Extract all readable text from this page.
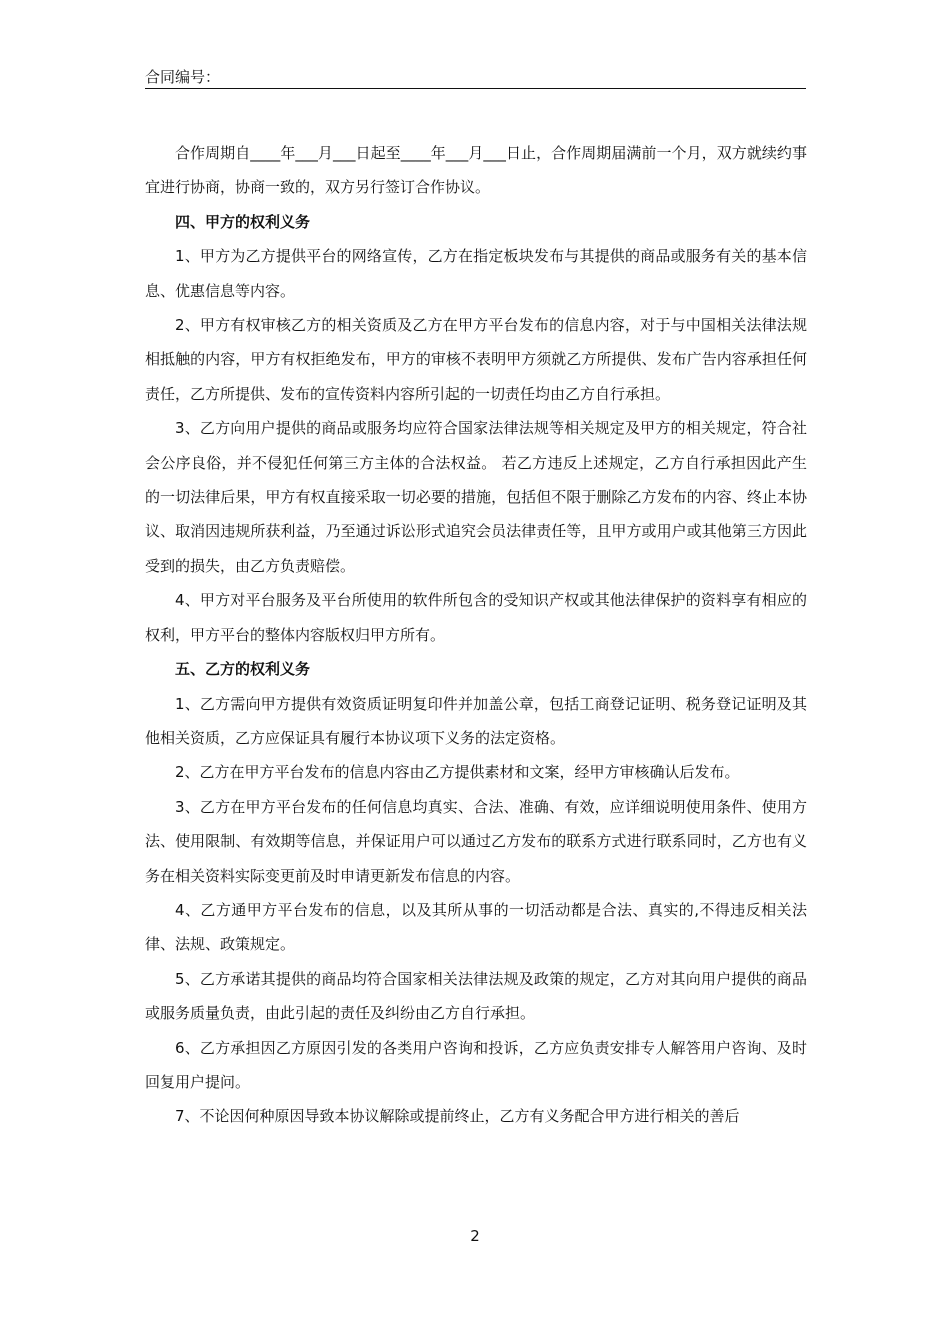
合同编号：

合作周期自____年___月___日起至____年___月___日止，合作周期届满前一个月，双方就续约事宜进行协商，协商一致的，双方另行签订合作协议。

四、甲方的权利义务

1、甲方为乙方提供平台的网络宣传，乙方在指定板块发布与其提供的商品或服务有关的基本信息、优惠信息等内容。

2、甲方有权审核乙方的相关资质及乙方在甲方平台发布的信息内容，对于与中国相关法律法规相抵触的内容，甲方有权拒绝发布，甲方的审核不表明甲方须就乙方所提供、发布广告内容承担任何责任，乙方所提供、发布的宣传资料内容所引起的一切责任均由乙方自行承担。

3、乙方向用户提供的商品或服务均应符合国家法律法规等相关规定及甲方的相关规定，符合社会公序良俗，并不侵犯任何第三方主体的合法权益。 若乙方违反上述规定，乙方自行承担因此产生的一切法律后果，甲方有权直接采取一切必要的措施，包括但不限于删除乙方发布的内容、终止本协议、取消因违规所获利益，乃至通过诉讼形式追究会员法律责任等，且甲方或用户或其他第三方因此受到的损失，由乙方负责赔偿。

4、甲方对平台服务及平台所使用的软件所包含的受知识产权或其他法律保护的资料享有相应的权利，甲方平台的整体内容版权归甲方所有。

五、乙方的权利义务

1、乙方需向甲方提供有效资质证明复印件并加盖公章，包括工商登记证明、税务登记证明及其他相关资质，乙方应保证具有履行本协议项下义务的法定资格。

2、乙方在甲方平台发布的信息内容由乙方提供素材和文案，经甲方审核确认后发布。

3、乙方在甲方平台发布的任何信息均真实、合法、准确、有效，应详细说明使用条件、使用方法、使用限制、有效期等信息，并保证用户可以通过乙方发布的联系方式进行联系同时，乙方也有义务在相关资料实际变更前及时申请更新发布信息的内容。

4、乙方通甲方平台发布的信息，以及其所从事的一切活动都是合法、真实的,不得违反相关法律、法规、政策规定。

5、乙方承诺其提供的商品均符合国家相关法律法规及政策的规定，乙方对其向用户提供的商品或服务质量负责，由此引起的责任及纠纷由乙方自行承担。

6、乙方承担因乙方原因引发的各类用户咨询和投诉，乙方应负责安排专人解答用户咨询、及时回复用户提问。

7、不论因何种原因导致本协议解除或提前终止，乙方有义务配合甲方进行相关的善后

2
